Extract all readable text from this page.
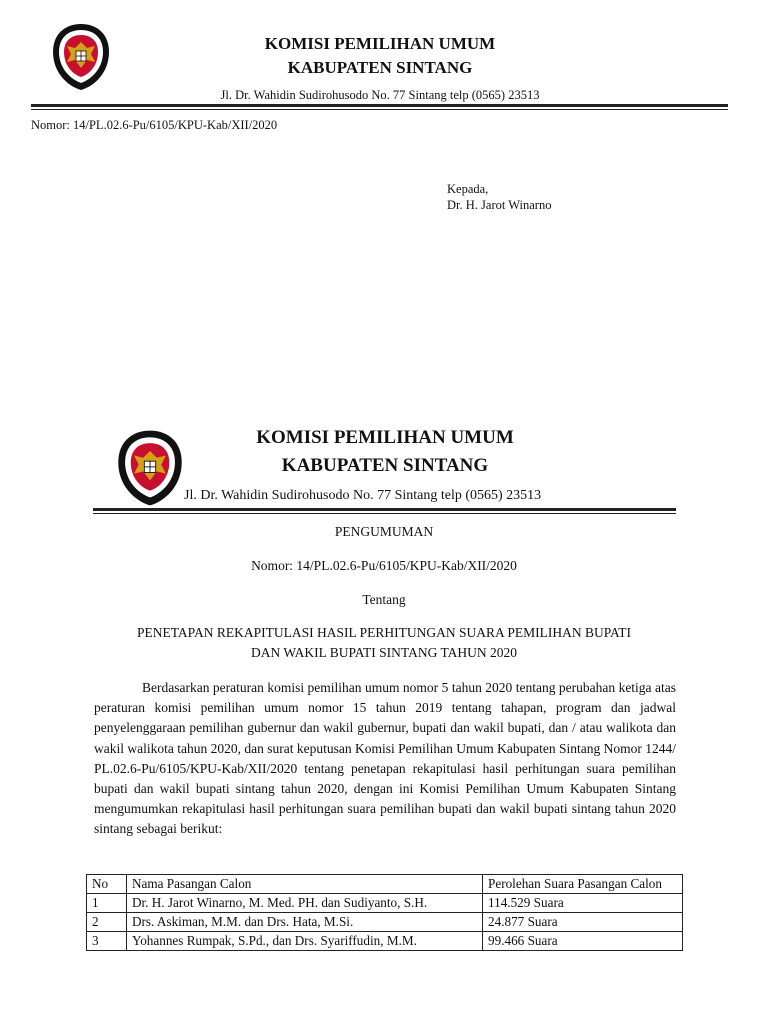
KOMISI PEMILIHAN UMUM
KABUPATEN SINTANG
Jl. Dr. Wahidin Sudirohusodo No. 77 Sintang telp (0565) 23513
Nomor: 14/PL.02.6-Pu/6105/KPU-Kab/XII/2020
Kepada,
Dr. H. Jarot Winarno
KOMISI PEMILIHAN UMUM
KABUPATEN SINTANG
Jl. Dr. Wahidin Sudirohusodo No. 77 Sintang telp (0565) 23513
PENGUMUMAN
Nomor: 14/PL.02.6-Pu/6105/KPU-Kab/XII/2020
Tentang
PENETAPAN REKAPITULASI HASIL PERHITUNGAN SUARA PEMILIHAN BUPATI
DAN WAKIL BUPATI SINTANG TAHUN 2020
Berdasarkan peraturan komisi pemilihan umum nomor 5 tahun 2020 tentang perubahan ketiga atas peraturan komisi pemilihan umum nomor 15 tahun 2019 tentang tahapan, program dan jadwal penyelenggaraan pemilihan gubernur dan wakil gubernur, bupati dan wakil bupati, dan / atau walikota dan wakil walikota tahun 2020, dan surat keputusan Komisi Pemilihan Umum Kabupaten Sintang Nomor 1244/ PL.02.6-Pu/6105/KPU-Kab/XII/2020 tentang penetapan rekapitulasi hasil perhitungan suara pemilihan bupati dan wakil bupati sintang tahun 2020, dengan ini Komisi Pemilihan Umum Kabupaten Sintang mengumumkan rekapitulasi hasil perhitungan suara pemilihan bupati dan wakil bupati sintang tahun 2020 sintang sebagai berikut:
No	Nama Pasangan Calon	Perolehan Suara Pasangan Calon
1	Dr. H. Jarot Winarno, M. Med. PH. dan Sudiyanto, S.H.	114.529 Suara
2	Drs. Askiman, M.M. dan Drs. Hata, M.Si.	24.877 Suara
3	Yohannes Rumpak, S.Pd., dan Drs. Syariffudin, M.M.	99.466 Suara
